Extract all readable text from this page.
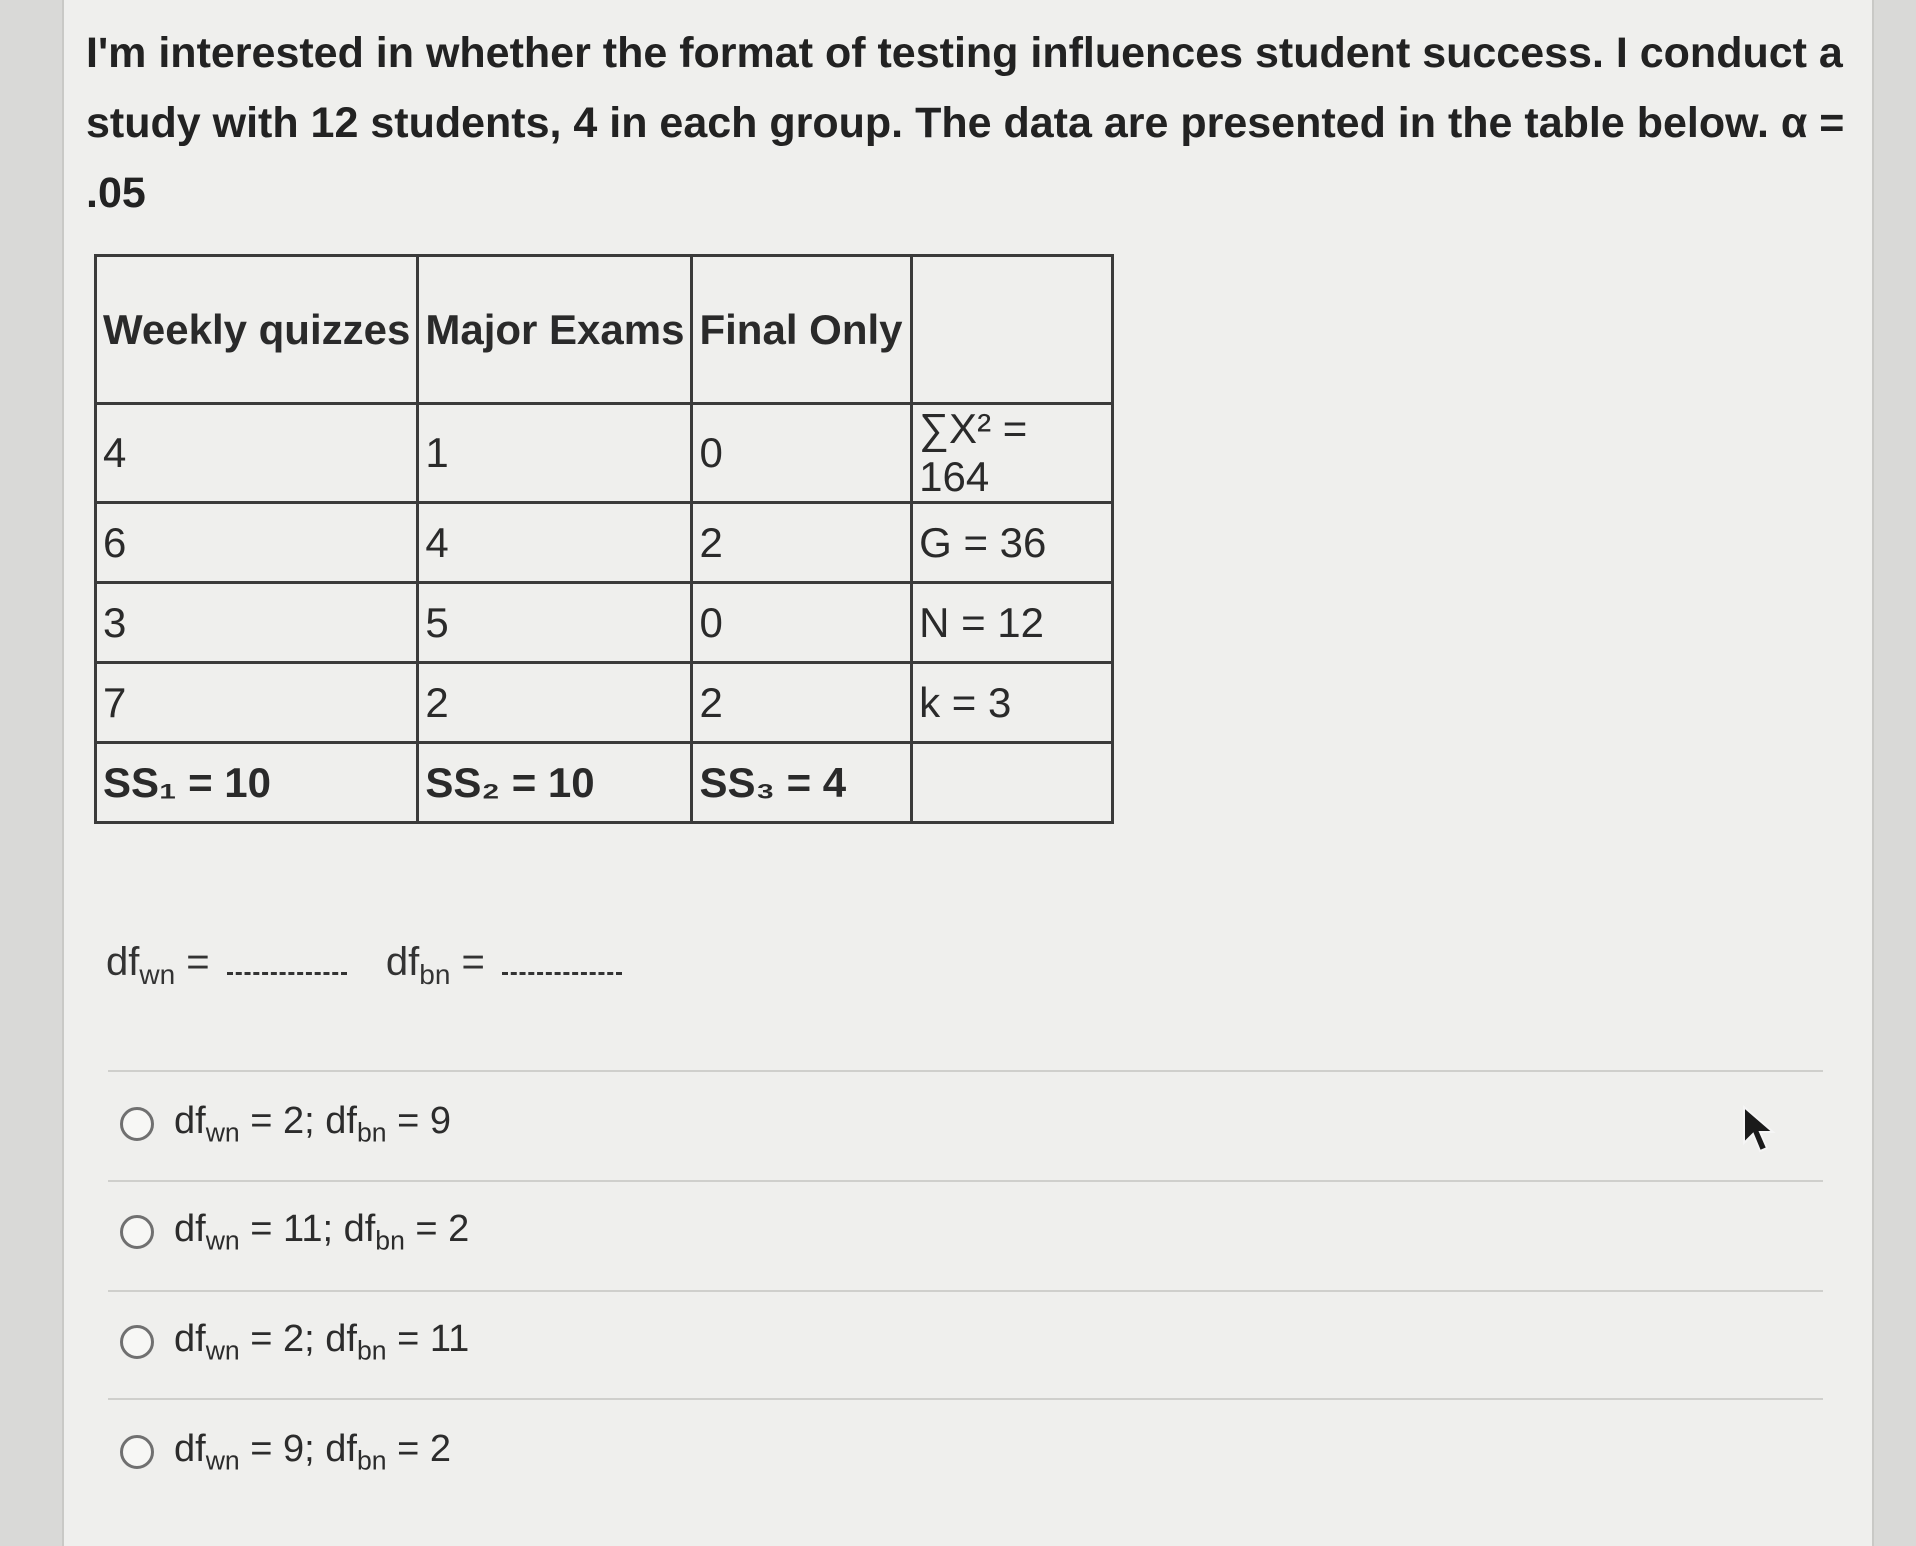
I'm interested in whether the format of testing influences student success. I conduct a study with 12 students, 4 in each group. The data are presented in the table below. α = .05

Weekly quizzes	Major Exams	Final Only	
4	1	0	∑X² = 164
6	4	2	G = 36
3	5	0	N = 12
7	2	2	k = 3
SS₁ = 10	SS₂ = 10	SS₃ = 4	
$df_{wn}$ =	$df_{bn}$ =
$df_{wn} = 2$; $df_{bn} = 9$
$df_{wn} = 11$; $df_{bn} = 2$
$df_{wn} = 2$; $df_{bn} = 11$
$df_{wn} = 9$; $df_{bn} = 2$
